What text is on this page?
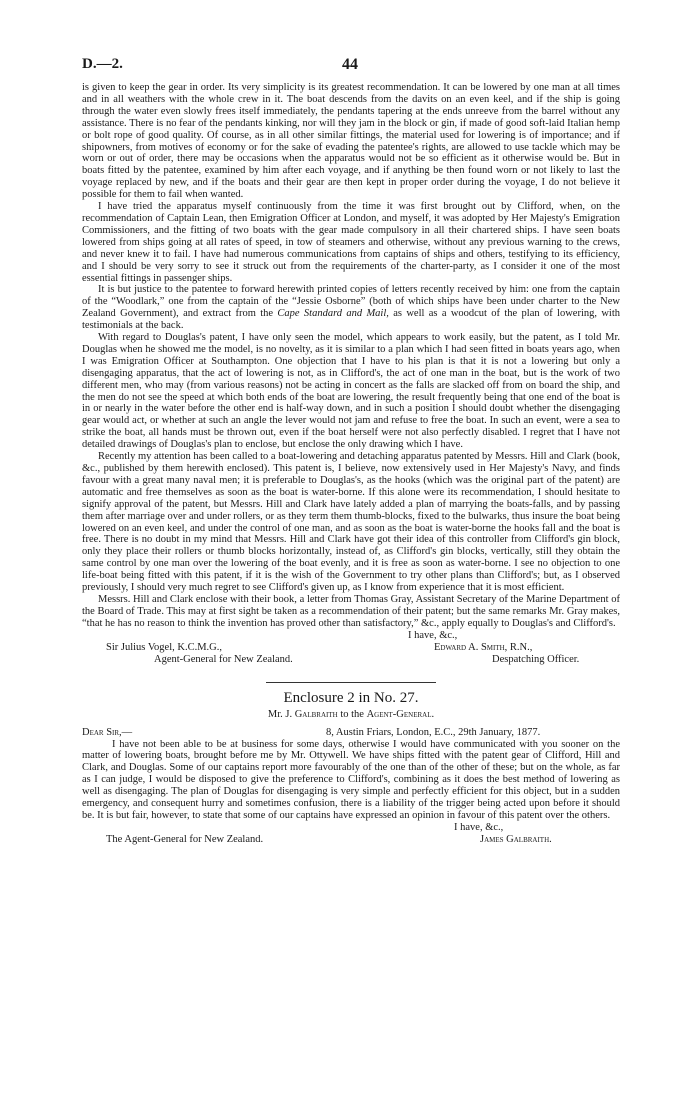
D.—2.	44

is given to keep the gear in order. Its very simplicity is its greatest recommendation. It can be lowered by one man at all times and in all weathers with the whole crew in it. The boat descends from the davits on an even keel, and if the ship is going through the water even slowly frees itself immediately, the pendants tapering at the ends unreeve from the barrel without any assistance. There is no fear of the pendants kinking, nor will they jam in the block or gin, if made of good soft-laid Italian hemp or bolt rope of good quality. Of course, as in all other similar fittings, the material used for lowering is of importance; and if shipowners, from motives of economy or for the sake of evading the patentee's rights, are allowed to use tackle which may be worn or out of order, there may be occasions when the apparatus would not be so efficient as it otherwise would be. But in boats fitted by the patentee, examined by him after each voyage, and if anything be then found worn or not likely to last the voyage replaced by new, and if the boats and their gear are then kept in proper order during the voyage, I do not believe it possible for them to fail when wanted.

I have tried the apparatus myself continuously from the time it was first brought out by Clifford, when, on the recommendation of Captain Lean, then Emigration Officer at London, and myself, it was adopted by Her Majesty's Emigration Commissioners, and the fitting of two boats with the gear made compulsory in all their chartered ships. I have seen boats lowered from ships going at all rates of speed, in tow of steamers and otherwise, without any previous warning to the crews, and never knew it to fail. I have had numerous communications from captains of ships and others, testifying to its efficiency, and I should be very sorry to see it struck out from the requirements of the charter-party, as I consider it one of the most essential fittings in passenger ships.

It is but justice to the patentee to forward herewith printed copies of letters recently received by him: one from the captain of the “Woodlark,” one from the captain of the “Jessie Osborne” (both of which ships have been under charter to the New Zealand Government), and extract from the Cape Standard and Mail, as well as a woodcut of the plan of lowering, with testimonials at the back.

With regard to Douglas's patent, I have only seen the model, which appears to work easily, but the patent, as I told Mr. Douglas when he showed me the model, is no novelty, as it is similar to a plan which I had seen fitted in boats years ago, when I was Emigration Officer at Southampton. One objection that I have to his plan is that it is not a lowering but only a disengaging apparatus, that the act of lowering is not, as in Clifford's, the act of one man in the boat, but is the work of two different men, who may (from various reasons) not be acting in concert as the falls are slacked off from on board the ship, and the men do not see the speed at which both ends of the boat are lowering, the result frequently being that one end of the boat is in or nearly in the water before the other end is half-way down, and in such a position I should doubt whether the disengaging gear would act, or whether at such an angle the lever would not jam and refuse to free the boat. In such an event, were a sea to strike the boat, all hands must be thrown out, even if the boat herself were not also perfectly disabled. I regret that I have not detailed drawings of Douglas's plan to enclose, but enclose the only drawing which I have.

Recently my attention has been called to a boat-lowering and detaching apparatus patented by Messrs. Hill and Clark (book, &c., published by them herewith enclosed). This patent is, I believe, now extensively used in Her Majesty's Navy, and finds favour with a great many naval men; it is preferable to Douglas's, as the hooks (which was the original part of the patent) are automatic and free themselves as soon as the boat is water-borne. If this alone were its recommendation, I should hesitate to signify approval of the patent, but Messrs. Hill and Clark have lately added a plan of marrying the boats-falls, and by passing them after marriage over and under rollers, or as they term them thumb-blocks, fixed to the bulwarks, thus insure the boat being lowered on an even keel, and under the control of one man, and as soon as the boat is water-borne the hooks fall and the boat is free. There is no doubt in my mind that Messrs. Hill and Clark have got their idea of this controller from Clifford's gin block, only they place their rollers or thumb blocks horizontally, instead of, as Clifford's gin blocks, vertically, still they obtain the same control by one man over the lowering of the boat evenly, and it is free as soon as water-borne. I see no objection to one life-boat being fitted with this patent, if it is the wish of the Government to try other plans than Clifford's; but, as I observed previously, I should very much regret to see Clifford's given up, as I know from experience that it is most efficient.

Messrs. Hill and Clark enclose with their book, a letter from Thomas Gray, Assistant Secretary of the Marine Department of the Board of Trade. This may at first sight be taken as a recommendation of their patent; but the same remarks Mr. Gray makes, “that he has no reason to think the invention has proved other than satisfactory,” &c., apply equally to Douglas's and Clifford's.

I have, &c.,
Sir Julius Vogel, K.C.M.G.,	Edward A. Smith, R.N.,
Agent-General for New Zealand.	Despatching Officer.
Enclosure 2 in No. 27.
Mr. J. Galbraith to the Agent-General.
Dear Sir,—	8, Austin Friars, London, E.C., 29th January, 1877.

I have not been able to be at business for some days, otherwise I would have communicated with you sooner on the matter of lowering boats, brought before me by Mr. Ottywell. We have ships fitted with the patent gear of Clifford, Hill and Clark, and Douglas. Some of our captains report more favourably of the one than of the other of these; but on the whole, as far as I can judge, I would be disposed to give the preference to Clifford's, combining as it does the best method of lowering as well as disengaging. The plan of Douglas for disengaging is very simple and perfectly efficient for this object, but in a sudden emergency, and consequent hurry and sometimes confusion, there is a liability of the trigger being acted upon before it should be. It is but fair, however, to state that some of our captains have expressed an opinion in favour of this patent over the others.

I have, &c.,
The Agent-General for New Zealand.	James Galbraith.
